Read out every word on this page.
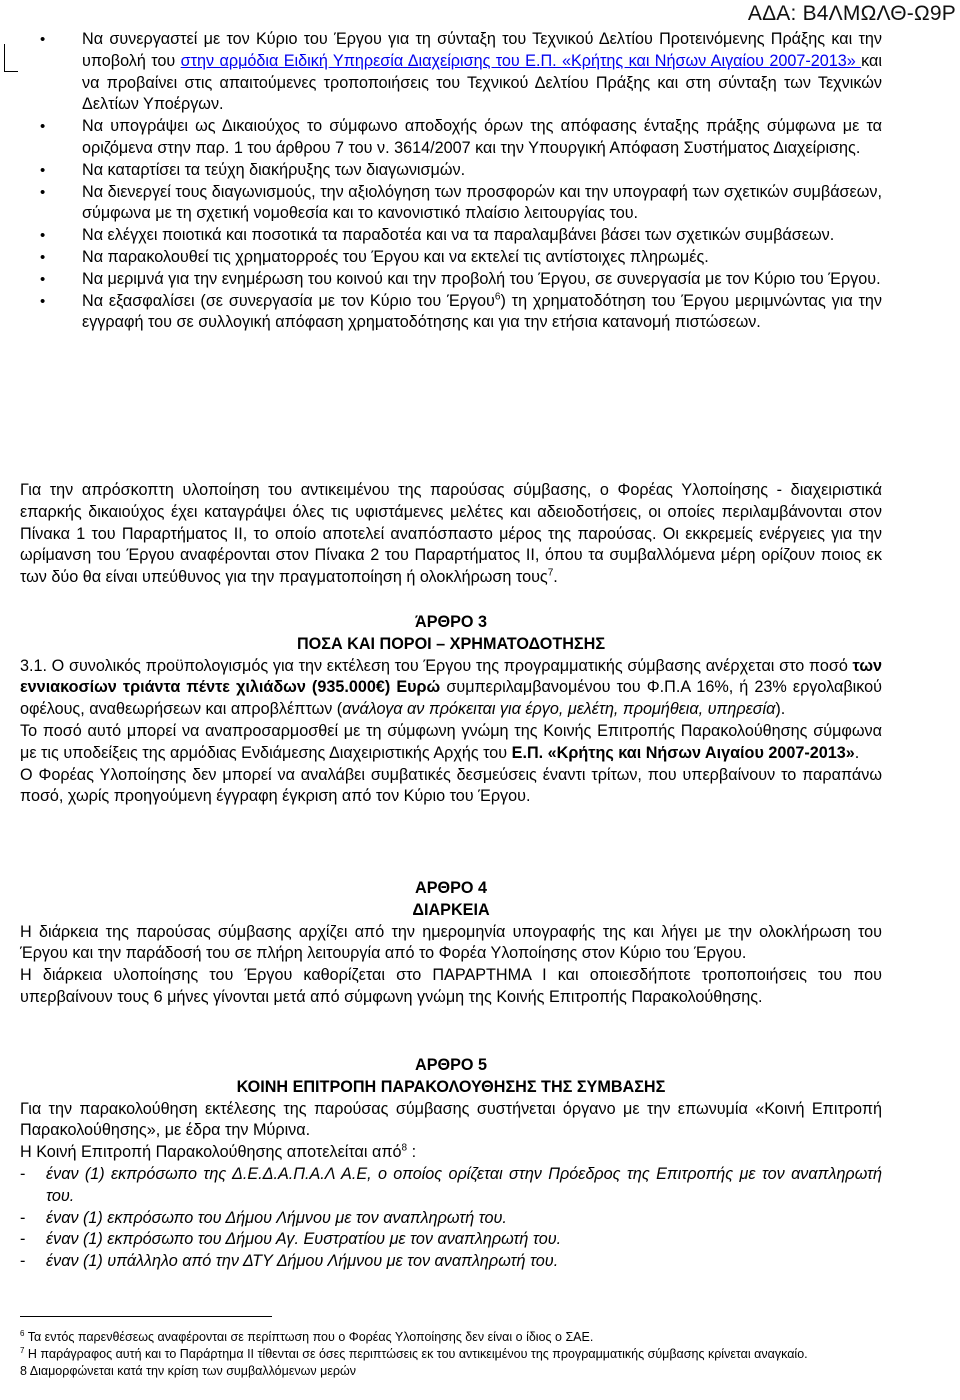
ΑΔΑ: Β4ΛΜΩΛΘ-Ω9Ρ
• Να συνεργαστεί με τον Κύριο του Έργου για τη σύνταξη του Τεχνικού Δελτίου Προτεινόμενης Πράξης και την υποβολή του στην αρμόδια Ειδική Υπηρεσία Διαχείρισης του Ε.Π. «Κρήτης και Νήσων Αιγαίου 2007-2013» και να προβαίνει στις απαιτούμενες τροποποιήσεις του Τεχνικού Δελτίου Πράξης και στη σύνταξη των Τεχνικών Δελτίων Υποέργων.
• Να υπογράψει ως Δικαιούχος το σύμφωνο αποδοχής όρων της απόφασης ένταξης πράξης σύμφωνα με τα οριζόμενα στην παρ. 1 του άρθρου 7 του ν. 3614/2007 και την Υπουργική Απόφαση Συστήματος Διαχείρισης.
• Να καταρτίσει τα τεύχη διακήρυξης των διαγωνισμών.
• Να διενεργεί τους διαγωνισμούς, την αξιολόγηση των προσφορών και την υπογραφή των σχετικών συμβάσεων, σύμφωνα με τη σχετική νομοθεσία και το κανονιστικό πλαίσιο λειτουργίας του.
• Να ελέγχει ποιοτικά και ποσοτικά τα παραδοτέα και να τα παραλαμβάνει βάσει των σχετικών συμβάσεων.
• Να παρακολουθεί τις χρηματορροές του Έργου και να εκτελεί τις αντίστοιχες πληρωμές.
• Να μεριμνά για την ενημέρωση του κοινού και την προβολή του Έργου, σε συνεργασία με τον Κύριο του Έργου.
• Να εξασφαλίσει (σε συνεργασία με τον Κύριο του Έργου$^6$) τη χρηματοδότηση του Έργου μεριμνώντας για την εγγραφή του σε συλλογική απόφαση χρηματοδότησης και για την ετήσια κατανομή πιστώσεων.
Για την απρόσκοπτη υλοποίηση του αντικειμένου της παρούσας σύμβασης, ο Φορέας Υλοποίησης - διαχειριστικά επαρκής δικαιούχος έχει καταγράψει όλες τις υφιστάμενες μελέτες και αδειοδοτήσεις, οι οποίες περιλαμβάνονται στον Πίνακα 1 του Παραρτήματος ΙΙ, το οποίο αποτελεί αναπόσπαστο μέρος της παρούσας. Οι εκκρεμείς ενέργειες για την ωρίμανση του Έργου αναφέρονται στον Πίνακα 2 του Παραρτήματος ΙΙ, όπου τα συμβαλλόμενα μέρη ορίζουν ποιος εκ των δύο θα είναι υπεύθυνος για την πραγματοποίηση ή ολοκλήρωση τους$^7$.
ΆΡΘΡΟ 3
ΠΟΣΑ ΚΑΙ ΠΟΡΟΙ – ΧΡΗΜΑΤΟΔΟΤΗΣΗΣ
3.1. Ο συνολικός προϋπολογισμός για την εκτέλεση του Έργου της προγραμματικής σύμβασης ανέρχεται στο ποσό των εννιακοσίων τριάντα πέντε χιλιάδων (935.000€) Ευρώ συμπεριλαμβανομένου του Φ.Π.Α 16%, ή 23% εργολαβικού οφέλους, αναθεωρήσεων και απροβλέπτων (ανάλογα αν πρόκειται για έργο, μελέτη, προμήθεια, υπηρεσία).
Το ποσό αυτό μπορεί να αναπροσαρμοσθεί με τη σύμφωνη γνώμη της Κοινής Επιτροπής Παρακολούθησης σύμφωνα με τις υποδείξεις της αρμόδιας Ενδιάμεσης Διαχειριστικής Αρχής του Ε.Π. «Κρήτης και Νήσων Αιγαίου 2007-2013».
Ο Φορέας Υλοποίησης δεν μπορεί να αναλάβει συμβατικές δεσμεύσεις έναντι τρίτων, που υπερβαίνουν το παραπάνω ποσό, χωρίς προηγούμενη έγγραφη έγκριση από τον Κύριο του Έργου.
ΑΡΘΡΟ 4
ΔΙΑΡΚΕΙΑ
Η διάρκεια της παρούσας σύμβασης αρχίζει από την ημερομηνία υπογραφής της και λήγει με την ολοκλήρωση του Έργου και την παράδοσή του σε πλήρη λειτουργία από το Φορέα Υλοποίησης στον Κύριο του Έργου.
Η διάρκεια υλοποίησης του Έργου καθορίζεται στο ΠΑΡΑΡΤΗΜΑ Ι και οποιεσδήποτε τροποποιήσεις του που υπερβαίνουν τους 6 μήνες γίνονται μετά από σύμφωνη γνώμη της Κοινής Επιτροπής Παρακολούθησης.
ΑΡΘΡΟ 5
ΚΟΙΝΗ ΕΠΙΤΡΟΠΗ ΠΑΡΑΚΟΛΟΥΘΗΣΗΣ ΤΗΣ ΣΥΜΒΑΣΗΣ
Για την παρακολούθηση εκτέλεσης της παρούσας σύμβασης συστήνεται όργανο με την επωνυμία «Κοινή Επιτροπή Παρακολούθησης», με έδρα την Μύρινα.
Η Κοινή Επιτροπή Παρακολούθησης αποτελείται από$^8$ :
- έναν (1) εκπρόσωπο της Δ.Ε.Δ.Α.Π.Α.Λ Α.Ε, ο οποίος ορίζεται στην Πρόεδρος της Επιτροπής με τον αναπληρωτή του.
- έναν (1) εκπρόσωπο του Δήμου Λήμνου με τον αναπληρωτή του.
- έναν (1) εκπρόσωπο του Δήμου Αγ. Ευστρατίου με τον αναπληρωτή του.
- έναν (1) υπάλληλο από την ΔΤΥ Δήμου Λήμνου με τον αναπληρωτή του.
$^6$ Τα εντός παρενθέσεως αναφέρονται σε περίπτωση που ο Φορέας Υλοποίησης δεν είναι ο ίδιος ο ΣΑΕ.
$^7$ Η παράγραφος αυτή και το Παράρτημα ΙΙ τίθενται σε όσες περιπτώσεις εκ του αντικειμένου της προγραμματικής σύμβασης κρίνεται αναγκαίο.
8 Διαμορφώνεται κατά την κρίση των συμβαλλόμενων μερών
